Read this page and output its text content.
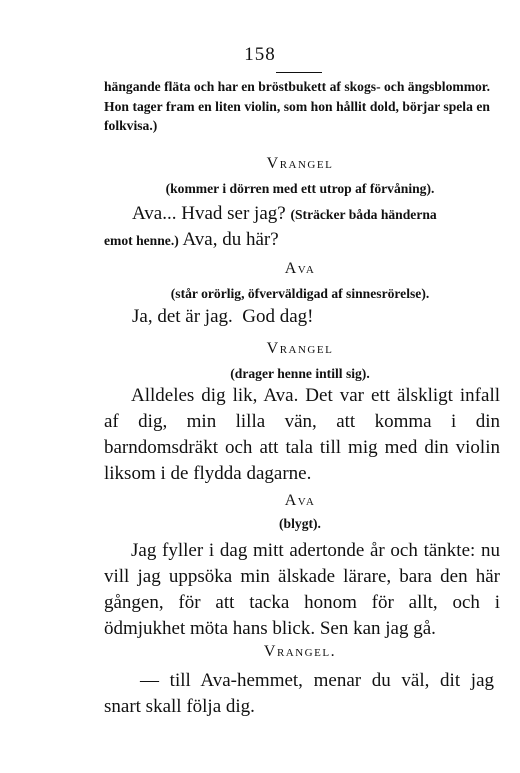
158
hängande fläta och har en bröstbukett af skogs- och ängsblommor. Hon tager fram en liten violin, som hon hållit dold, börjar spela en folkvisa.)
Vrangel
(kommer i dörren med ett utrop af förvåning).
Ava... Hvad ser jag? (Sträcker båda händerna
emot henne.) Ava, du här?
Ava
(står orörlig, öfverväldigad af sinnesrörelse).
Ja, det är jag.  God dag!
Vrangel
(drager henne intill sig).
Alldeles dig lik, Ava. Det var ett älskligt infall af dig, min lilla vän, att komma i din barndomsdräkt och att tala till mig med din violin liksom i de flydda dagarne.
Ava
(blygt).
Jag fyller i dag mitt adertonde år och tänkte: nu vill jag uppsöka min älskade lärare, bara den här gången, för att tacka honom för allt, och i ödmjukhet möta hans blick. Sen kan jag gå.
Vrangel.
— till Ava-hemmet, menar du väl, dit jag snart skall följa dig.
